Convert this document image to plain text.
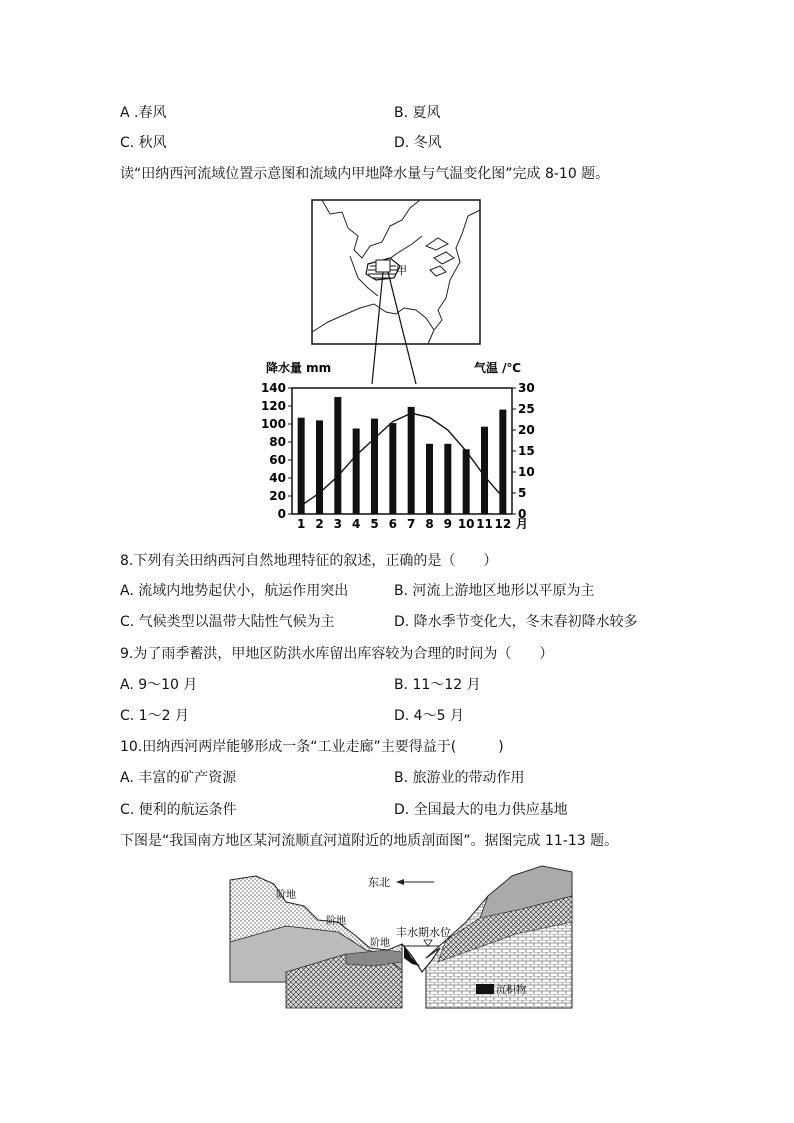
A .春风	B. 夏风
C. 秋风	D. 冬风
读“田纳西河流域位置示意图和流域内甲地降水量与气温变化图”完成 8-10 题。
甲
降水量 mm	气温 /℃
0
20
40
60
80
100
120
140
0
5
10
15
20
25
30
1 2 3 4 5 6 7 8 9 10 11 12 月
8.下列有关田纳西河自然地理特征的叙述，正确的是（　　）
A. 流域内地势起伏小，航运作用突出	B. 河流上游地区地形以平原为主
C. 气候类型以温带大陆性气候为主	D. 降水季节变化大，冬末春初降水较多
9.为了雨季蓄洪，甲地区防洪水库留出库容较为合理的时间为（　　）
A. 9～10 月	B. 11～12 月
C. 1～2 月	D. 4～5 月
10.田纳西河两岸能够形成一条“工业走廊”主要得益于(　　　)
A. 丰富的矿产资源	B. 旅游业的带动作用
C. 便利的航运条件	D. 全国最大的电力供应基地
下图是“我国南方地区某河流顺直河道附近的地质剖面图”。据图完成 11-13 题。
丰水期水位
阶地
阶地
阶地
东北
沉积物
